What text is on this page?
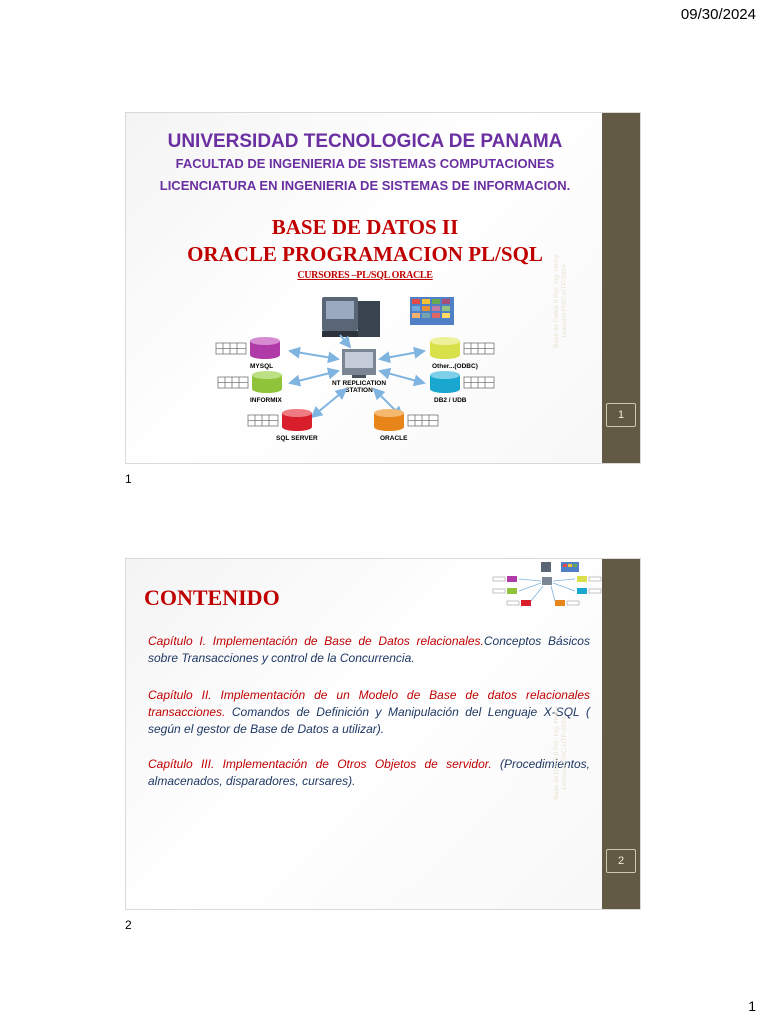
09/30/2024
UNIVERSIDAD TECNOLOGICA DE PANAMA
FACULTAD DE INGENIERIA DE SISTEMAS COMPUTACIONES
LICENCIATURA EN INGENIERIA DE SISTEMAS DE INFORMACION.
BASE DE DATOS II
ORACLE PROGRAMACION PL/SQL
CURSORES –PL/SQL ORACLE
NT REPLICATION
STATION
MYSQL
INFORMIX
SQL SERVER	ORACLE
Other...(ODBC)
DB2 / UDB
Base de Datos II Por: Ing. Henry Lezcano FISC-UTP-2024
1
1
CONTENIDO
Capítulo I. Implementación de Base de Datos relacionales.Conceptos Básicos sobre Transacciones y control de la Concurrencia.
Capítulo II. Implementación de un Modelo de Base de datos relacionales transacciones. Comandos de Definición y Manipulación del Lenguaje X-SQL ( según el gestor de Base de Datos a utilizar).
Capítulo III. Implementación de Otros Objetos de servidor. (Procedimientos, almacenados, disparadores, cursares).	Base de Datos II Por: Ing. Henry Lezcano FISC-UTP-2024
2
2
1
